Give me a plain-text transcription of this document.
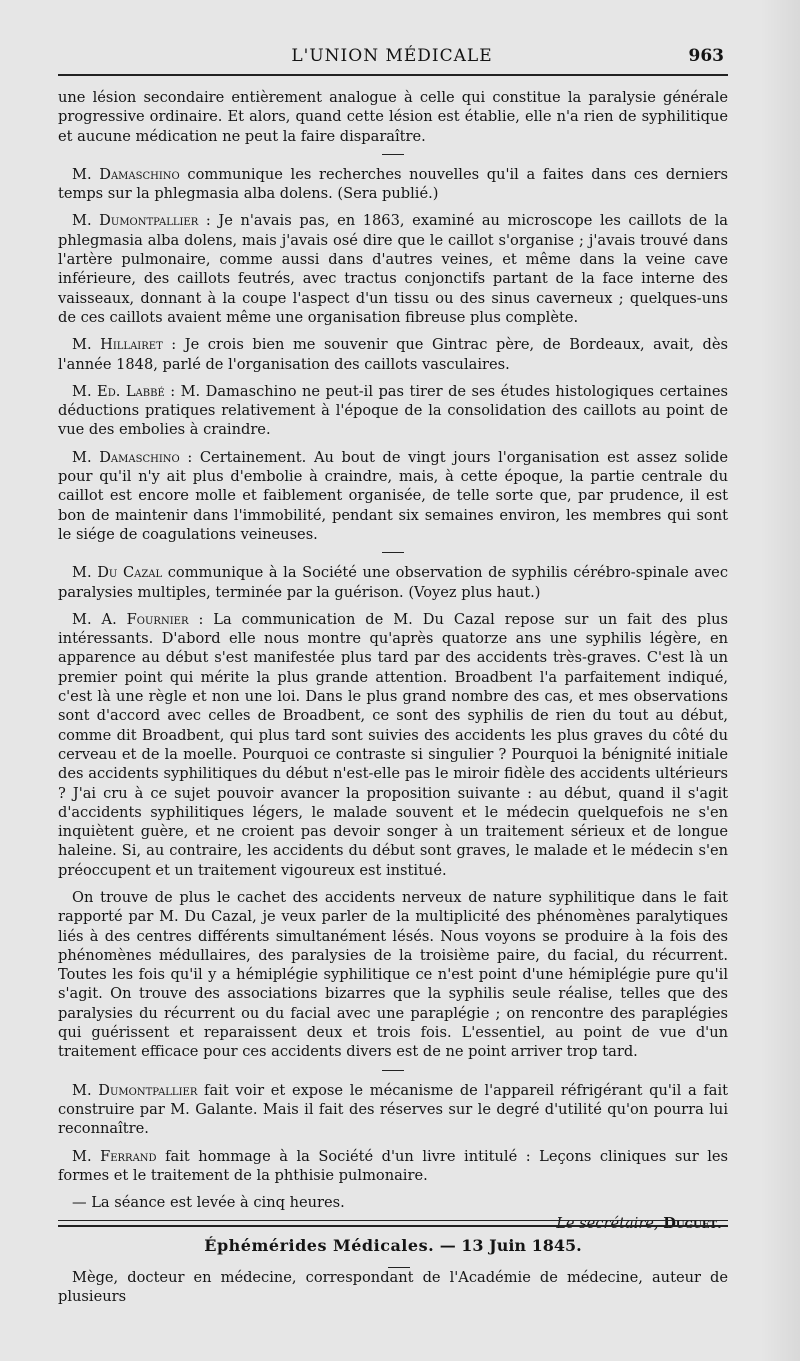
L'UNION MÉDICALE	963

une lésion secondaire entièrement analogue à celle qui constitue la paralysie générale progressive ordinaire. Et alors, quand cette lésion est établie, elle n'a rien de syphilitique et aucune médication ne peut la faire disparaître.

M. Damaschino communique les recherches nouvelles qu'il a faites dans ces derniers temps sur la phlegmasia alba dolens. (Sera publié.)

M. Dumontpallier : Je n'avais pas, en 1863, examiné au microscope les caillots de la phlegmasia alba dolens, mais j'avais osé dire que le caillot s'organise ; j'avais trouvé dans l'artère pulmonaire, comme aussi dans d'autres veines, et même dans la veine cave inférieure, des caillots feutrés, avec tractus conjonctifs partant de la face interne des vaisseaux, donnant à la coupe l'aspect d'un tissu ou des sinus caverneux ; quelques-uns de ces caillots avaient même une organisation fibreuse plus complète.

M. Hillairet : Je crois bien me souvenir que Gintrac père, de Bordeaux, avait, dès l'année 1848, parlé de l'organisation des caillots vasculaires.

M. Ed. Labbé : M. Damaschino ne peut-il pas tirer de ses études histologiques certaines déductions pratiques relativement à l'époque de la consolidation des caillots au point de vue des embolies à craindre.

M. Damaschino : Certainement. Au bout de vingt jours l'organisation est assez solide pour qu'il n'y ait plus d'embolie à craindre, mais, à cette époque, la partie centrale du caillot est encore molle et faiblement organisée, de telle sorte que, par prudence, il est bon de maintenir dans l'immobilité, pendant six semaines environ, les membres qui sont le siége de coagulations veineuses.

M. Du Cazal communique à la Société une observation de syphilis cérébro-spinale avec paralysies multiples, terminée par la guérison. (Voyez plus haut.)

M. A. Fournier : La communication de M. Du Cazal repose sur un fait des plus intéressants. D'abord elle nous montre qu'après quatorze ans une syphilis légère, en apparence au début s'est manifestée plus tard par des accidents très-graves. C'est là un premier point qui mérite la plus grande attention. Broadbent l'a parfaitement indiqué, c'est là une règle et non une loi. Dans le plus grand nombre des cas, et mes observations sont d'accord avec celles de Broadbent, ce sont des syphilis de rien du tout au début, comme dit Broadbent, qui plus tard sont suivies des accidents les plus graves du côté du cerveau et de la moelle. Pourquoi ce contraste si singulier ? Pourquoi la bénignité initiale des accidents syphilitiques du début n'est-elle pas le miroir fidèle des accidents ultérieurs ? J'ai cru à ce sujet pouvoir avancer la proposition suivante : au début, quand il s'agit d'accidents syphilitiques légers, le malade souvent et le médecin quelquefois ne s'en inquiètent guère, et ne croient pas devoir songer à un traitement sérieux et de longue haleine. Si, au contraire, les accidents du début sont graves, le malade et le médecin s'en préoccupent et un traitement vigoureux est institué.

On trouve de plus le cachet des accidents nerveux de nature syphilitique dans le fait rapporté par M. Du Cazal, je veux parler de la multiplicité des phénomènes paralytiques liés à des centres différents simultanément lésés. Nous voyons se produire à la fois des phénomènes médullaires, des paralysies de la troisième paire, du facial, du récurrent. Toutes les fois qu'il y a hémiplégie syphilitique ce n'est point d'une hémiplégie pure qu'il s'agit. On trouve des associations bizarres que la syphilis seule réalise, telles que des paralysies du récurrent ou du facial avec une paraplégie ; on rencontre des paraplégies qui guérissent et reparaissent deux et trois fois. L'essentiel, au point de vue d'un traitement efficace pour ces accidents divers est de ne point arriver trop tard.

M. Dumontpallier fait voir et expose le mécanisme de l'appareil réfrigérant qu'il a fait construire par M. Galante. Mais il fait des réserves sur le degré d'utilité qu'on pourra lui reconnaître.

M. Ferrand fait hommage à la Société d'un livre intitulé : Leçons cliniques sur les formes et le traitement de la phthisie pulmonaire.

— La séance est levée à cinq heures.

Le secrétaire, Duguet.
Éphémérides Médicales. — 13 Juin 1845.
Mège, docteur en médecine, correspondant de l'Académie de médecine, auteur de plusieurs
